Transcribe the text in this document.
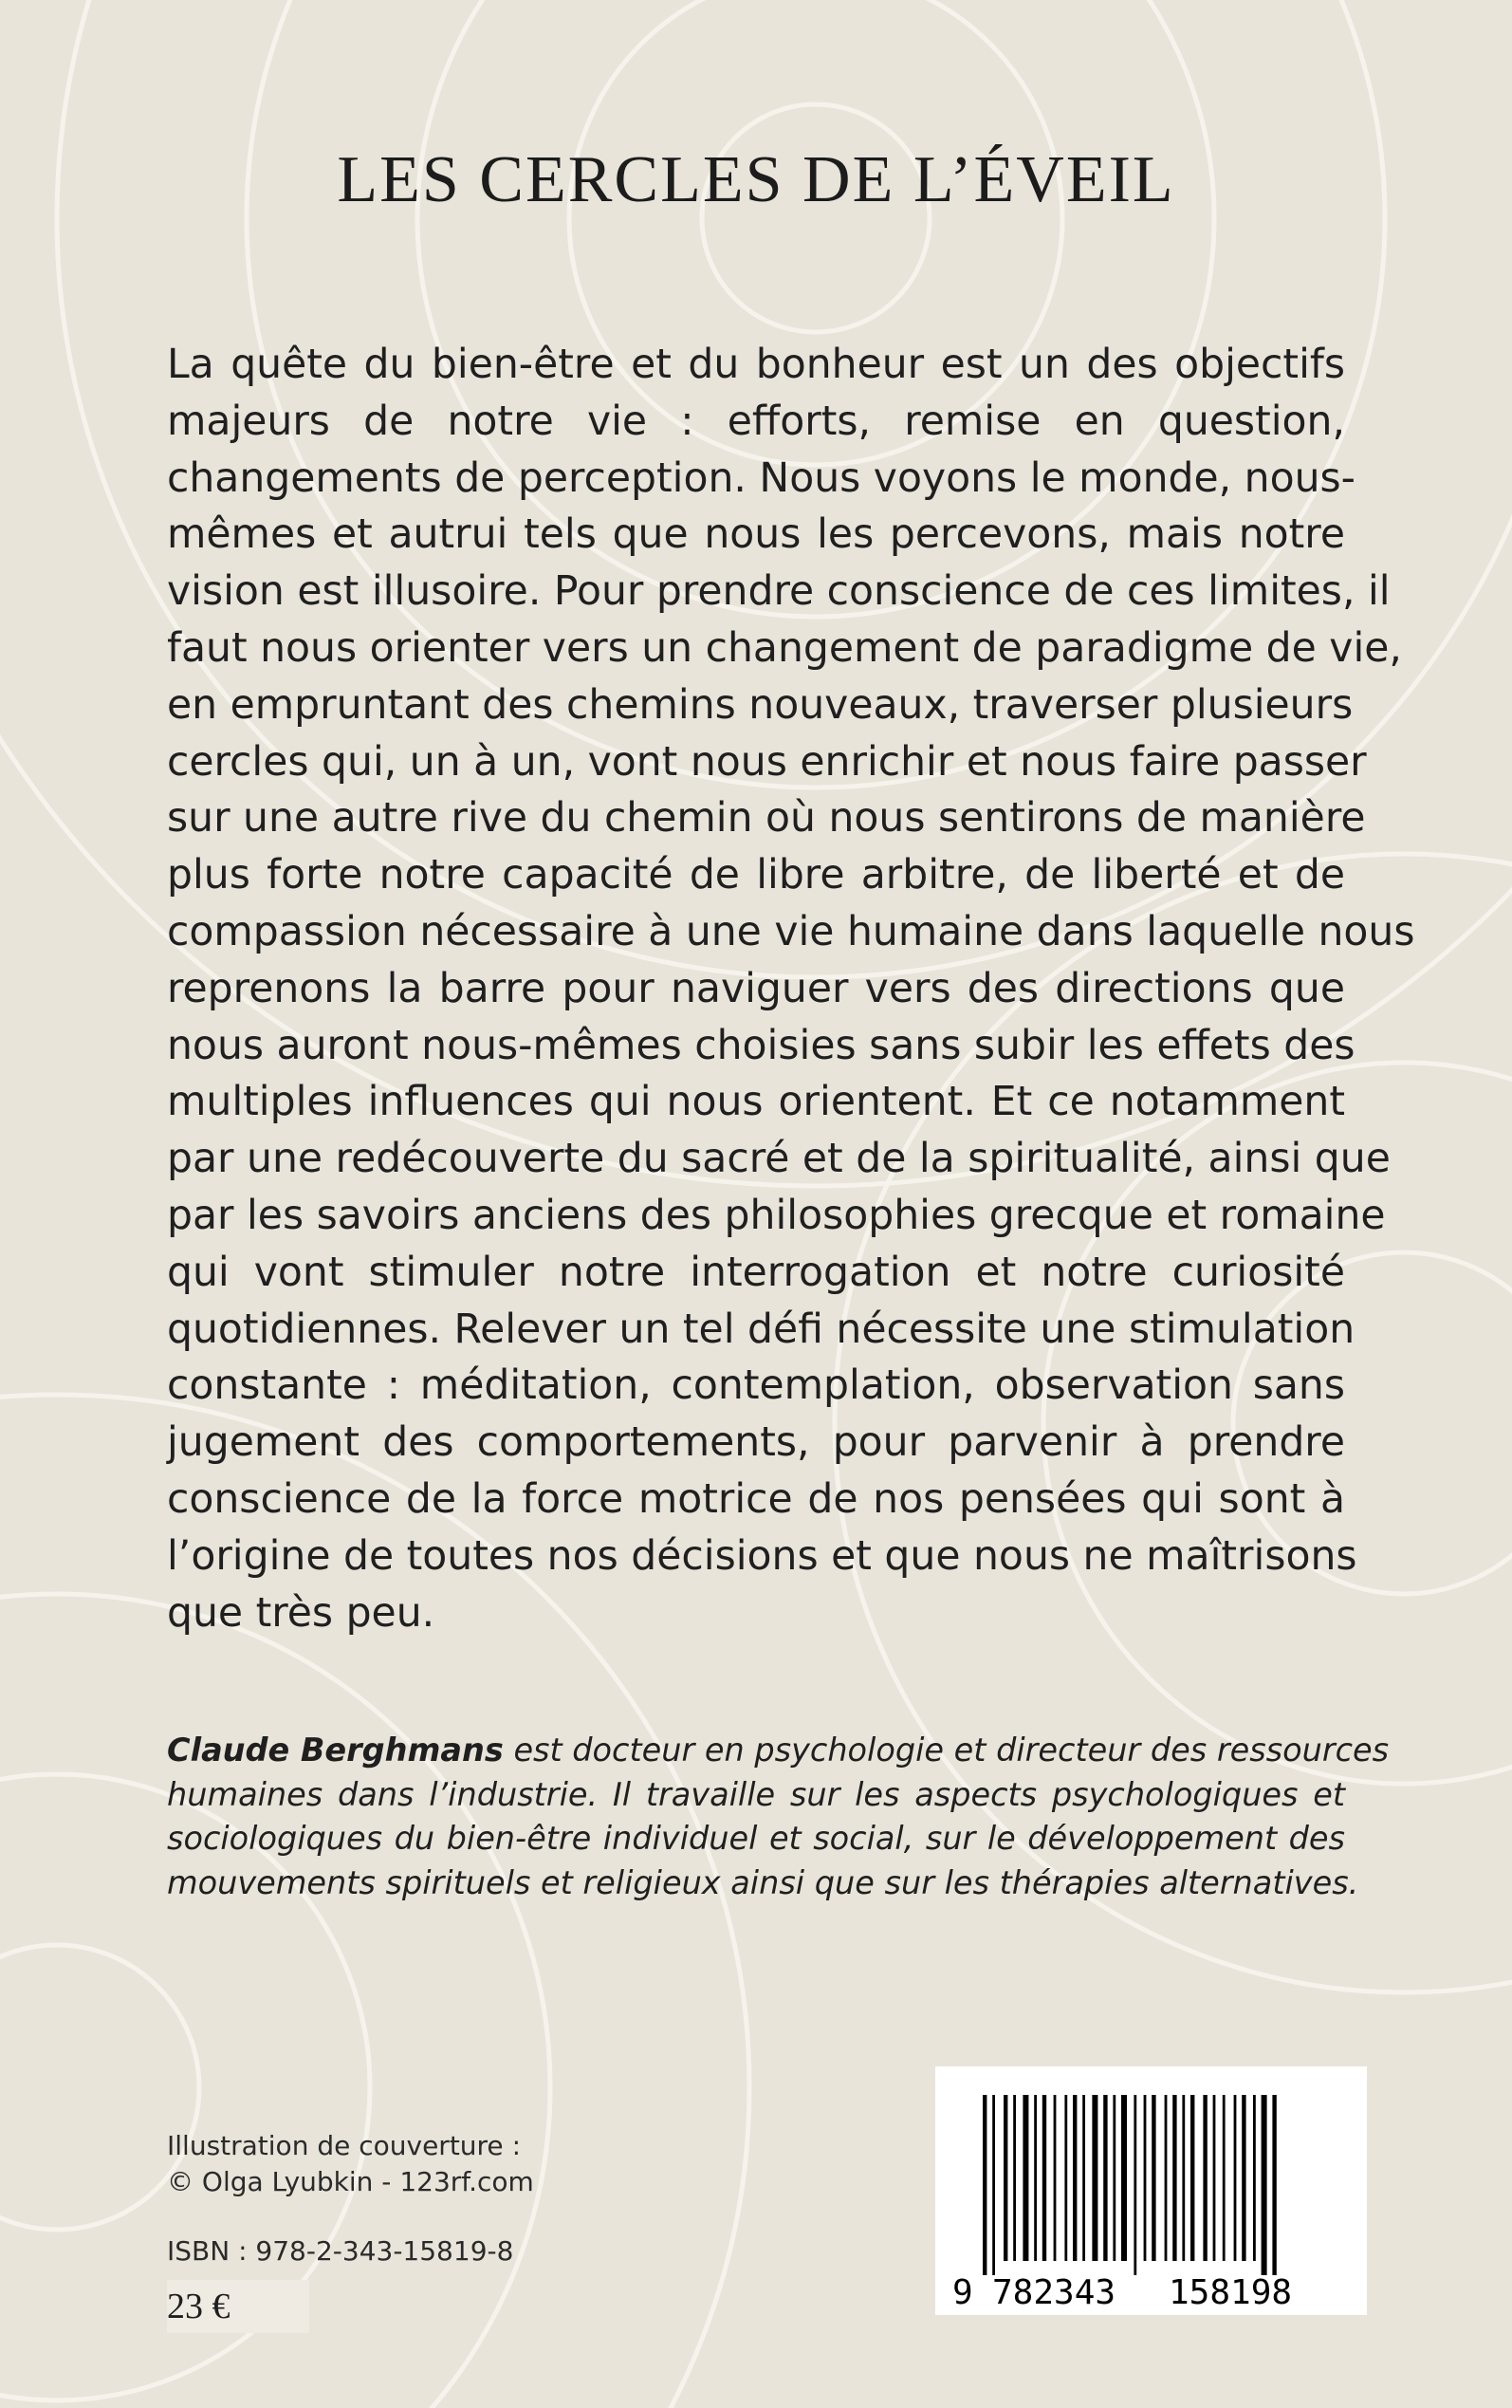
LES CERCLES DE L’ÉVEIL
La quête du bien-être et du bonheur est un des objectifs
majeurs de notre vie : efforts, remise en question,
changements de perception. Nous voyons le monde, nous-
mêmes et autrui tels que nous les percevons, mais notre
vision est illusoire. Pour prendre conscience de ces limites, il
faut nous orienter vers un changement de paradigme de vie,
en empruntant des chemins nouveaux, traverser plusieurs
cercles qui, un à un, vont nous enrichir et nous faire passer
sur une autre rive du chemin où nous sentirons de manière
plus forte notre capacité de libre arbitre, de liberté et de
compassion nécessaire à une vie humaine dans laquelle nous
reprenons la barre pour naviguer vers des directions que
nous auront nous-mêmes choisies sans subir les effets des
multiples influences qui nous orientent. Et ce notamment
par une redécouverte du sacré et de la spiritualité, ainsi que
par les savoirs anciens des philosophies grecque et romaine
qui vont stimuler notre interrogation et notre curiosité
quotidiennes. Relever un tel défi nécessite une stimulation
constante : méditation, contemplation, observation sans
jugement des comportements, pour parvenir à prendre
conscience de la force motrice de nos pensées qui sont à
l’origine de toutes nos décisions et que nous ne maîtrisons
que très peu.
Claude Berghmans est docteur en psychologie et directeur des ressources
humaines dans l’industrie. Il travaille sur les aspects psychologiques et
sociologiques du bien-être individuel et social, sur le développement des
mouvements spirituels et religieux ainsi que sur les thérapies alternatives.
Illustration de couverture :
© Olga Lyubkin - 123rf.com
ISBN : 978-2-343-15819-8
23 €	9 782343 158198
